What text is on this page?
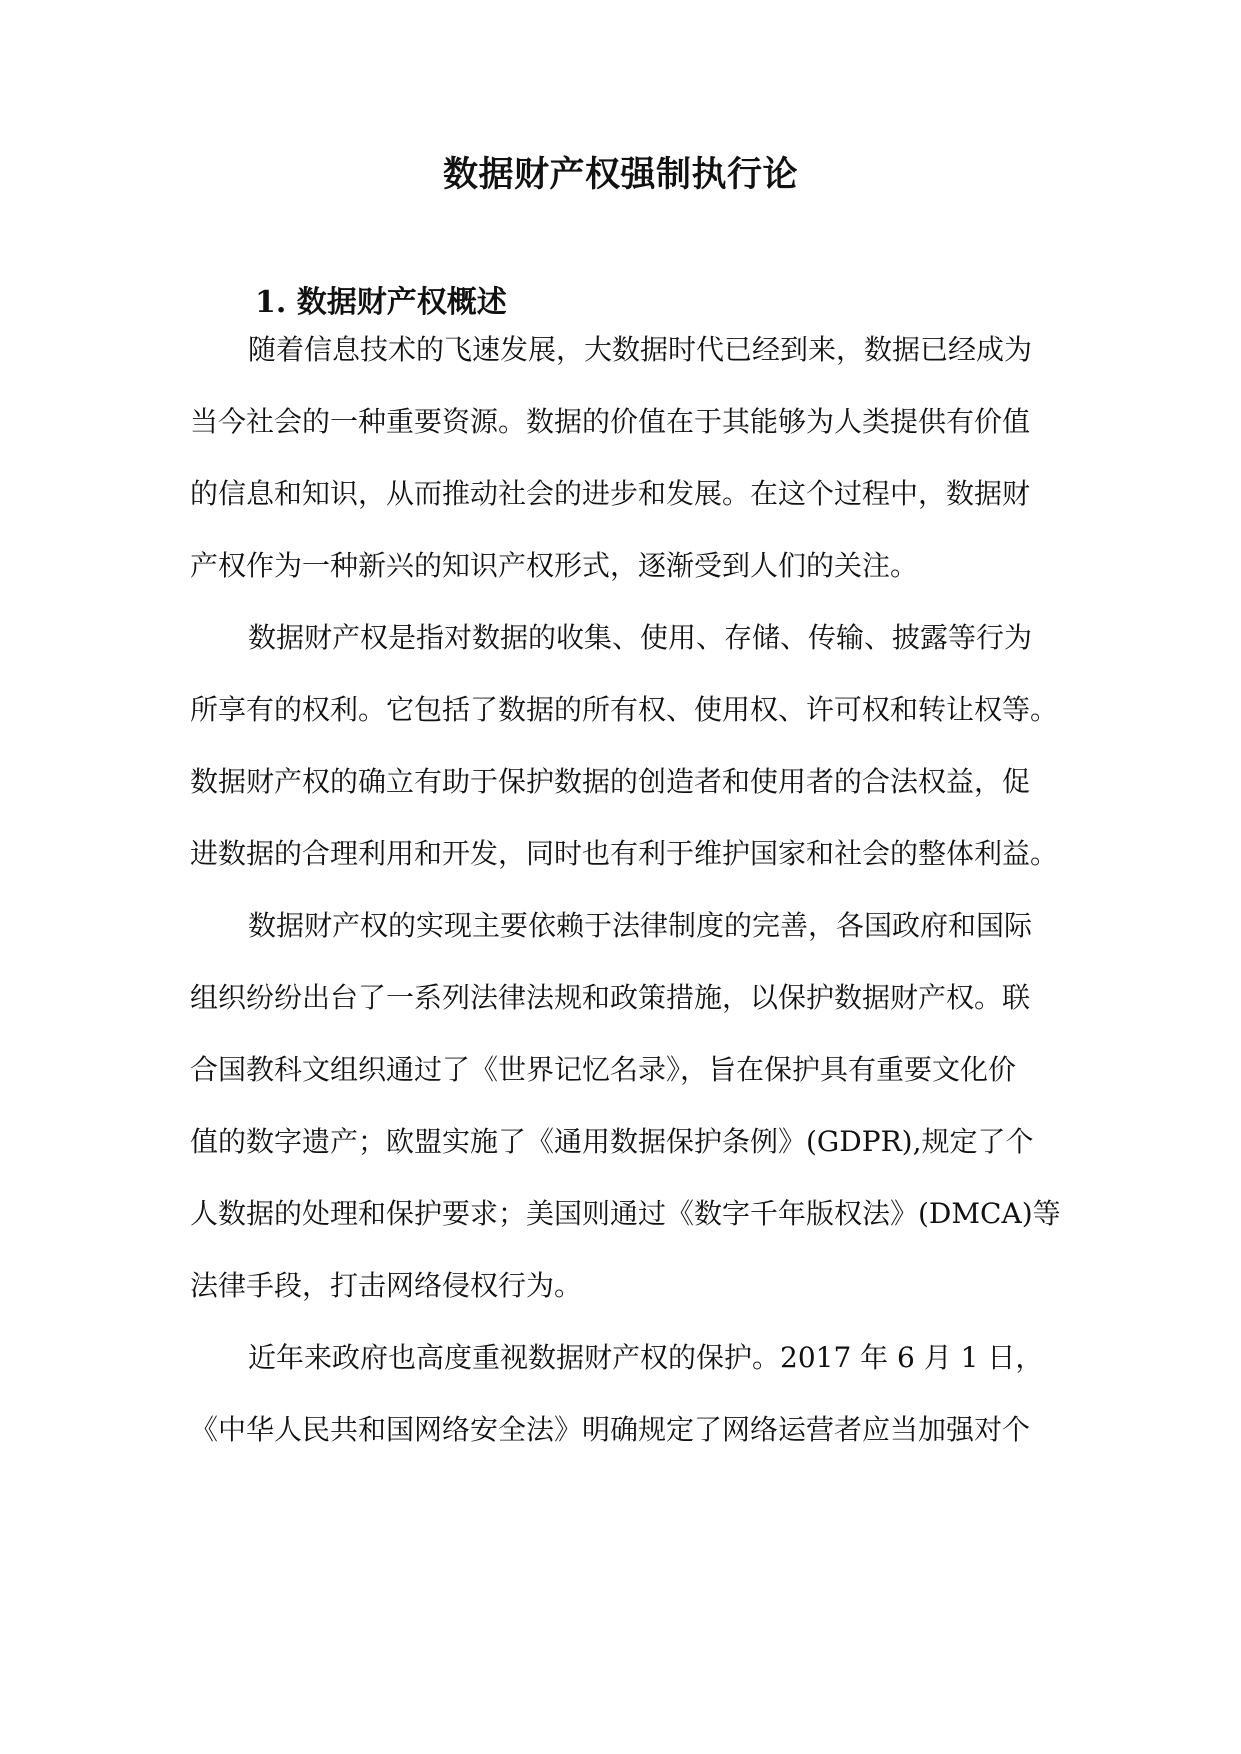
数据财产权强制执行论
1. 数据财产权概述
随着信息技术的飞速发展，大数据时代已经到来，数据已经成为
当今社会的一种重要资源。数据的价值在于其能够为人类提供有价值
的信息和知识，从而推动社会的进步和发展。在这个过程中，数据财
产权作为一种新兴的知识产权形式，逐渐受到人们的关注。
数据财产权是指对数据的收集、使用、存储、传输、披露等行为
所享有的权利。它包括了数据的所有权、使用权、许可权和转让权等。
数据财产权的确立有助于保护数据的创造者和使用者的合法权益，促
进数据的合理利用和开发，同时也有利于维护国家和社会的整体利益。
数据财产权的实现主要依赖于法律制度的完善，各国政府和国际
组织纷纷出台了一系列法律法规和政策措施，以保护数据财产权。联
合国教科文组织通过了《世界记忆名录》，旨在保护具有重要文化价
值的数字遗产；欧盟实施了《通用数据保护条例》(GDPR),规定了个
人数据的处理和保护要求；美国则通过《数字千年版权法》(DMCA)等
法律手段，打击网络侵权行为。
近年来政府也高度重视数据财产权的保护。2017 年 6 月 1 日，
《中华人民共和国网络安全法》明确规定了网络运营者应当加强对个
